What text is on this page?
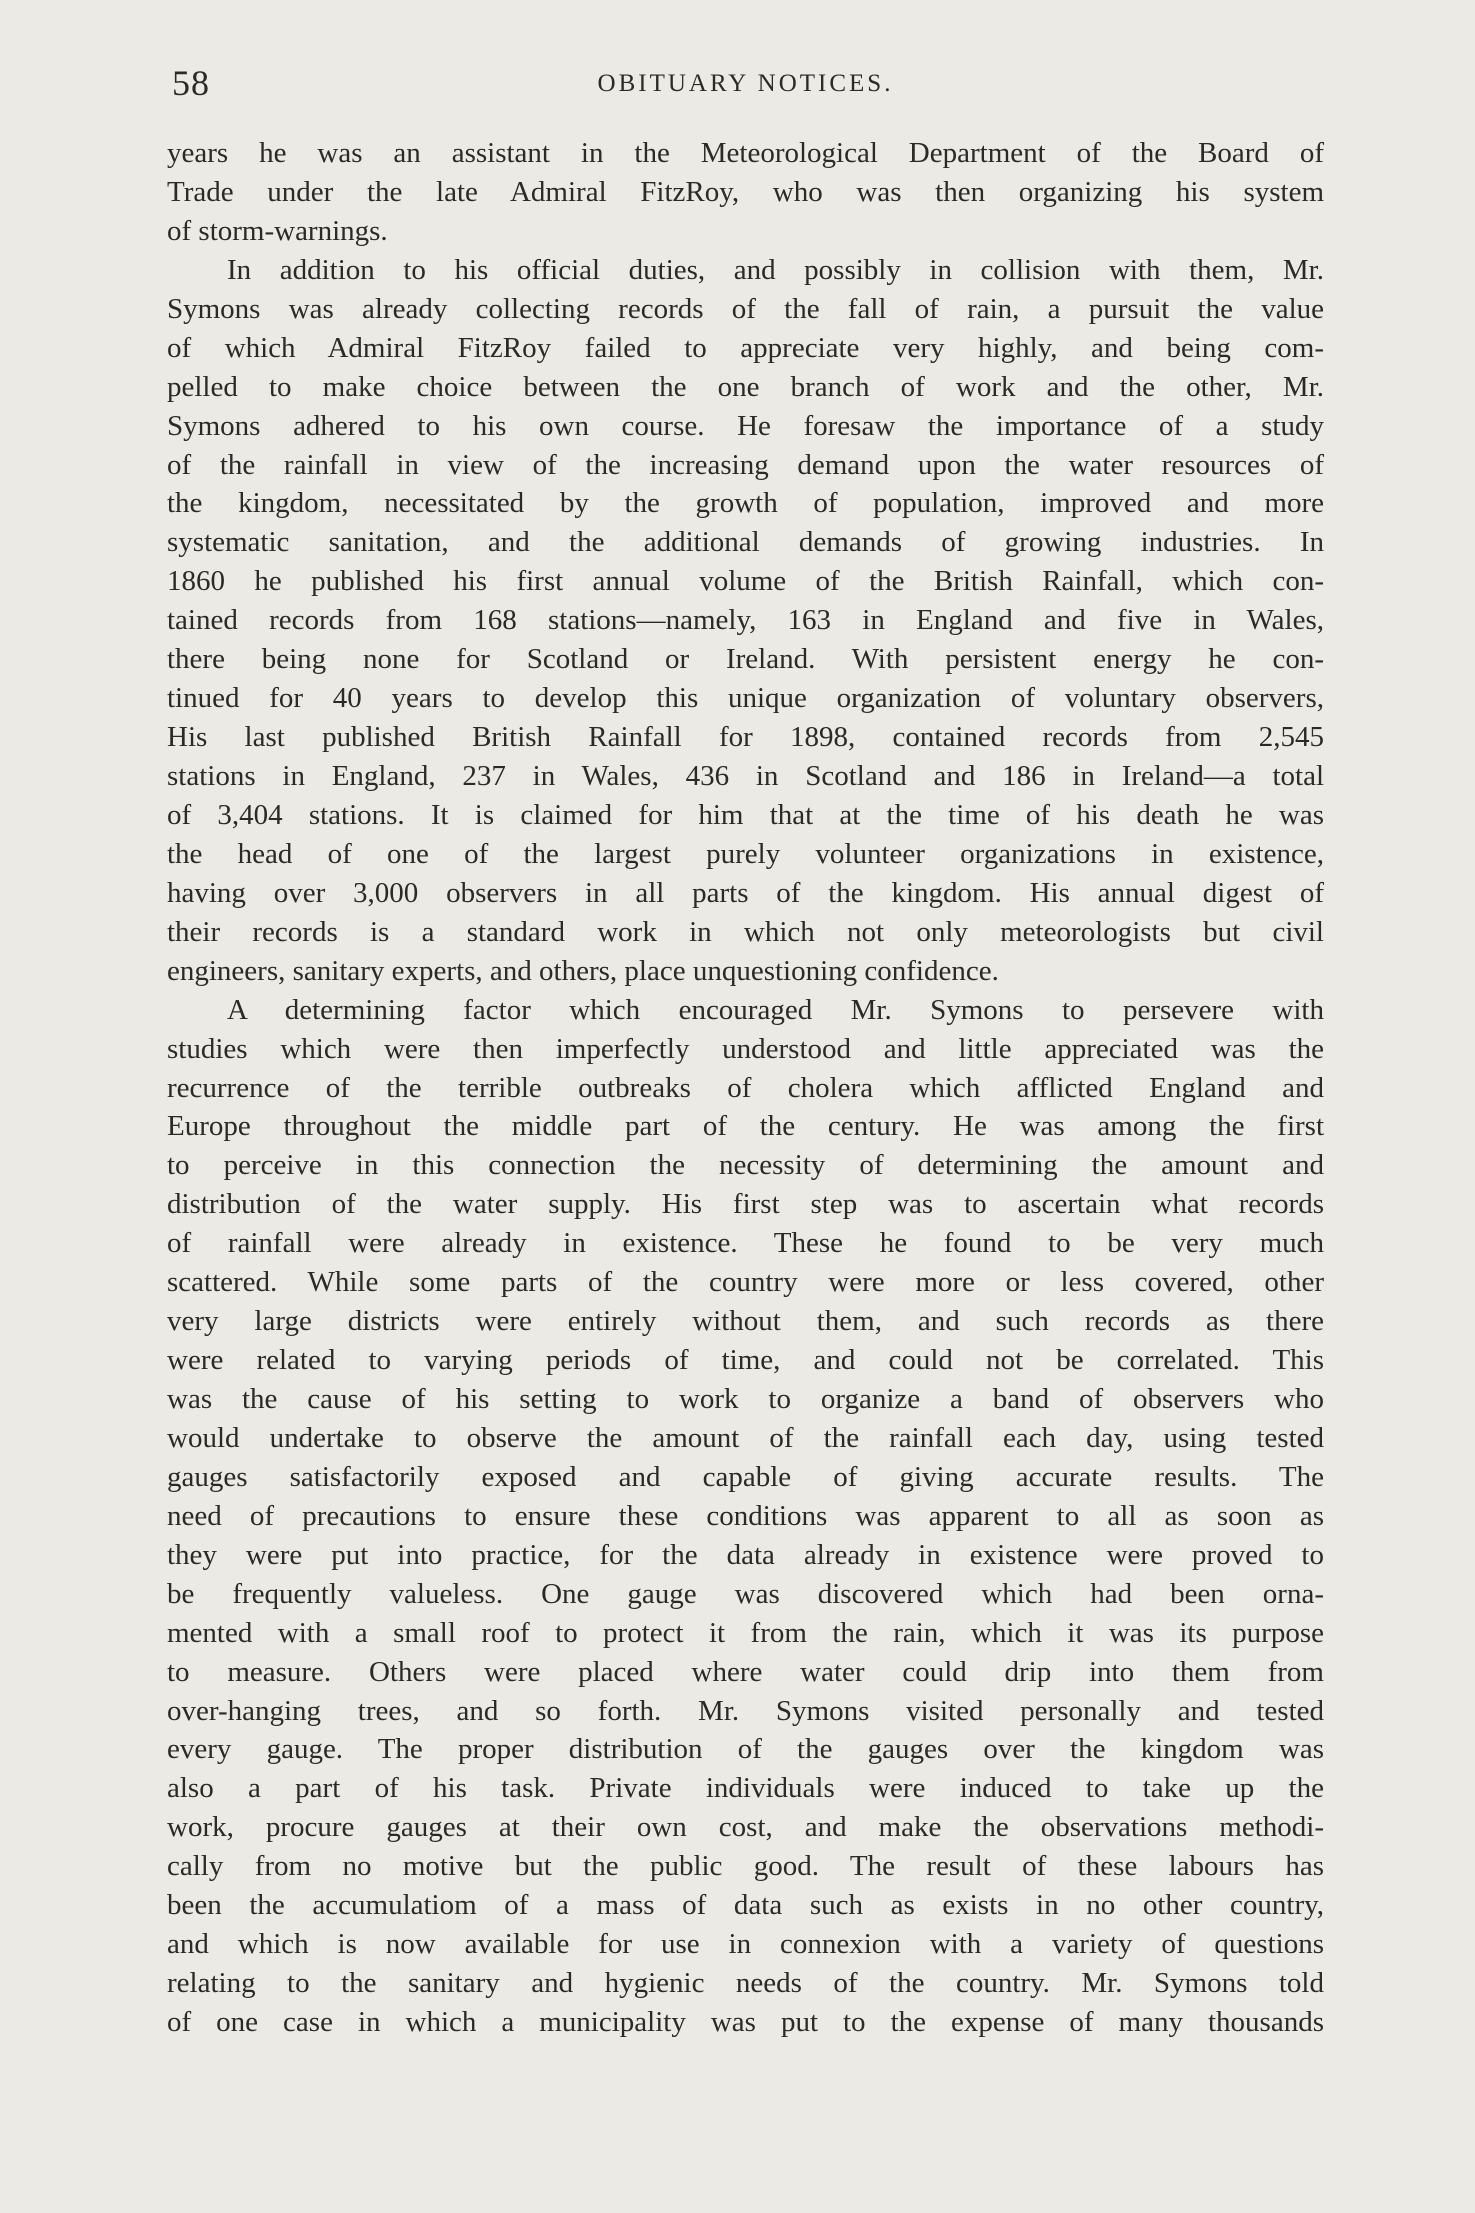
58	OBITUARY NOTICES.
years he was an assistant in the Meteorological Department of the Board of
Trade under the late Admiral FitzRoy, who was then organizing his system
of storm-warnings.
In addition to his official duties, and possibly in collision with them, Mr.
Symons was already collecting records of the fall of rain, a pursuit the value
of which Admiral FitzRoy failed to appreciate very highly, and being com-
pelled to make choice between the one branch of work and the other, Mr.
Symons adhered to his own course. He foresaw the importance of a study
of the rainfall in view of the increasing demand upon the water resources of
the kingdom, necessitated by the growth of population, improved and more
systematic sanitation, and the additional demands of growing industries. In
1860 he published his first annual volume of the British Rainfall, which con-
tained records from 168 stations—namely, 163 in England and five in Wales,
there being none for Scotland or Ireland. With persistent energy he con-
tinued for 40 years to develop this unique organization of voluntary observers,
His last published British Rainfall for 1898, contained records from 2,545
stations in England, 237 in Wales, 436 in Scotland and 186 in Ireland—a total
of 3,404 stations. It is claimed for him that at the time of his death he was
the head of one of the largest purely volunteer organizations in existence,
having over 3,000 observers in all parts of the kingdom. His annual digest of
their records is a standard work in which not only meteorologists but civil
engineers, sanitary experts, and others, place unquestioning confidence.
A determining factor which encouraged Mr. Symons to persevere with
studies which were then imperfectly understood and little appreciated was the
recurrence of the terrible outbreaks of cholera which afflicted England and
Europe throughout the middle part of the century. He was among the first
to perceive in this connection the necessity of determining the amount and
distribution of the water supply. His first step was to ascertain what records
of rainfall were already in existence. These he found to be very much
scattered. While some parts of the country were more or less covered, other
very large districts were entirely without them, and such records as there
were related to varying periods of time, and could not be correlated. This
was the cause of his setting to work to organize a band of observers who
would undertake to observe the amount of the rainfall each day, using tested
gauges satisfactorily exposed and capable of giving accurate results. The
need of precautions to ensure these conditions was apparent to all as soon as
they were put into practice, for the data already in existence were proved to
be frequently valueless. One gauge was discovered which had been orna-
mented with a small roof to protect it from the rain, which it was its purpose
to measure. Others were placed where water could drip into them from
over-hanging trees, and so forth. Mr. Symons visited personally and tested
every gauge. The proper distribution of the gauges over the kingdom was
also a part of his task. Private individuals were induced to take up the
work, procure gauges at their own cost, and make the observations methodi-
cally from no motive but the public good. The result of these labours has
been the accumulatiom of a mass of data such as exists in no other country,
and which is now available for use in connexion with a variety of questions
relating to the sanitary and hygienic needs of the country. Mr. Symons told
of one case in which a municipality was put to the expense of many thousands
